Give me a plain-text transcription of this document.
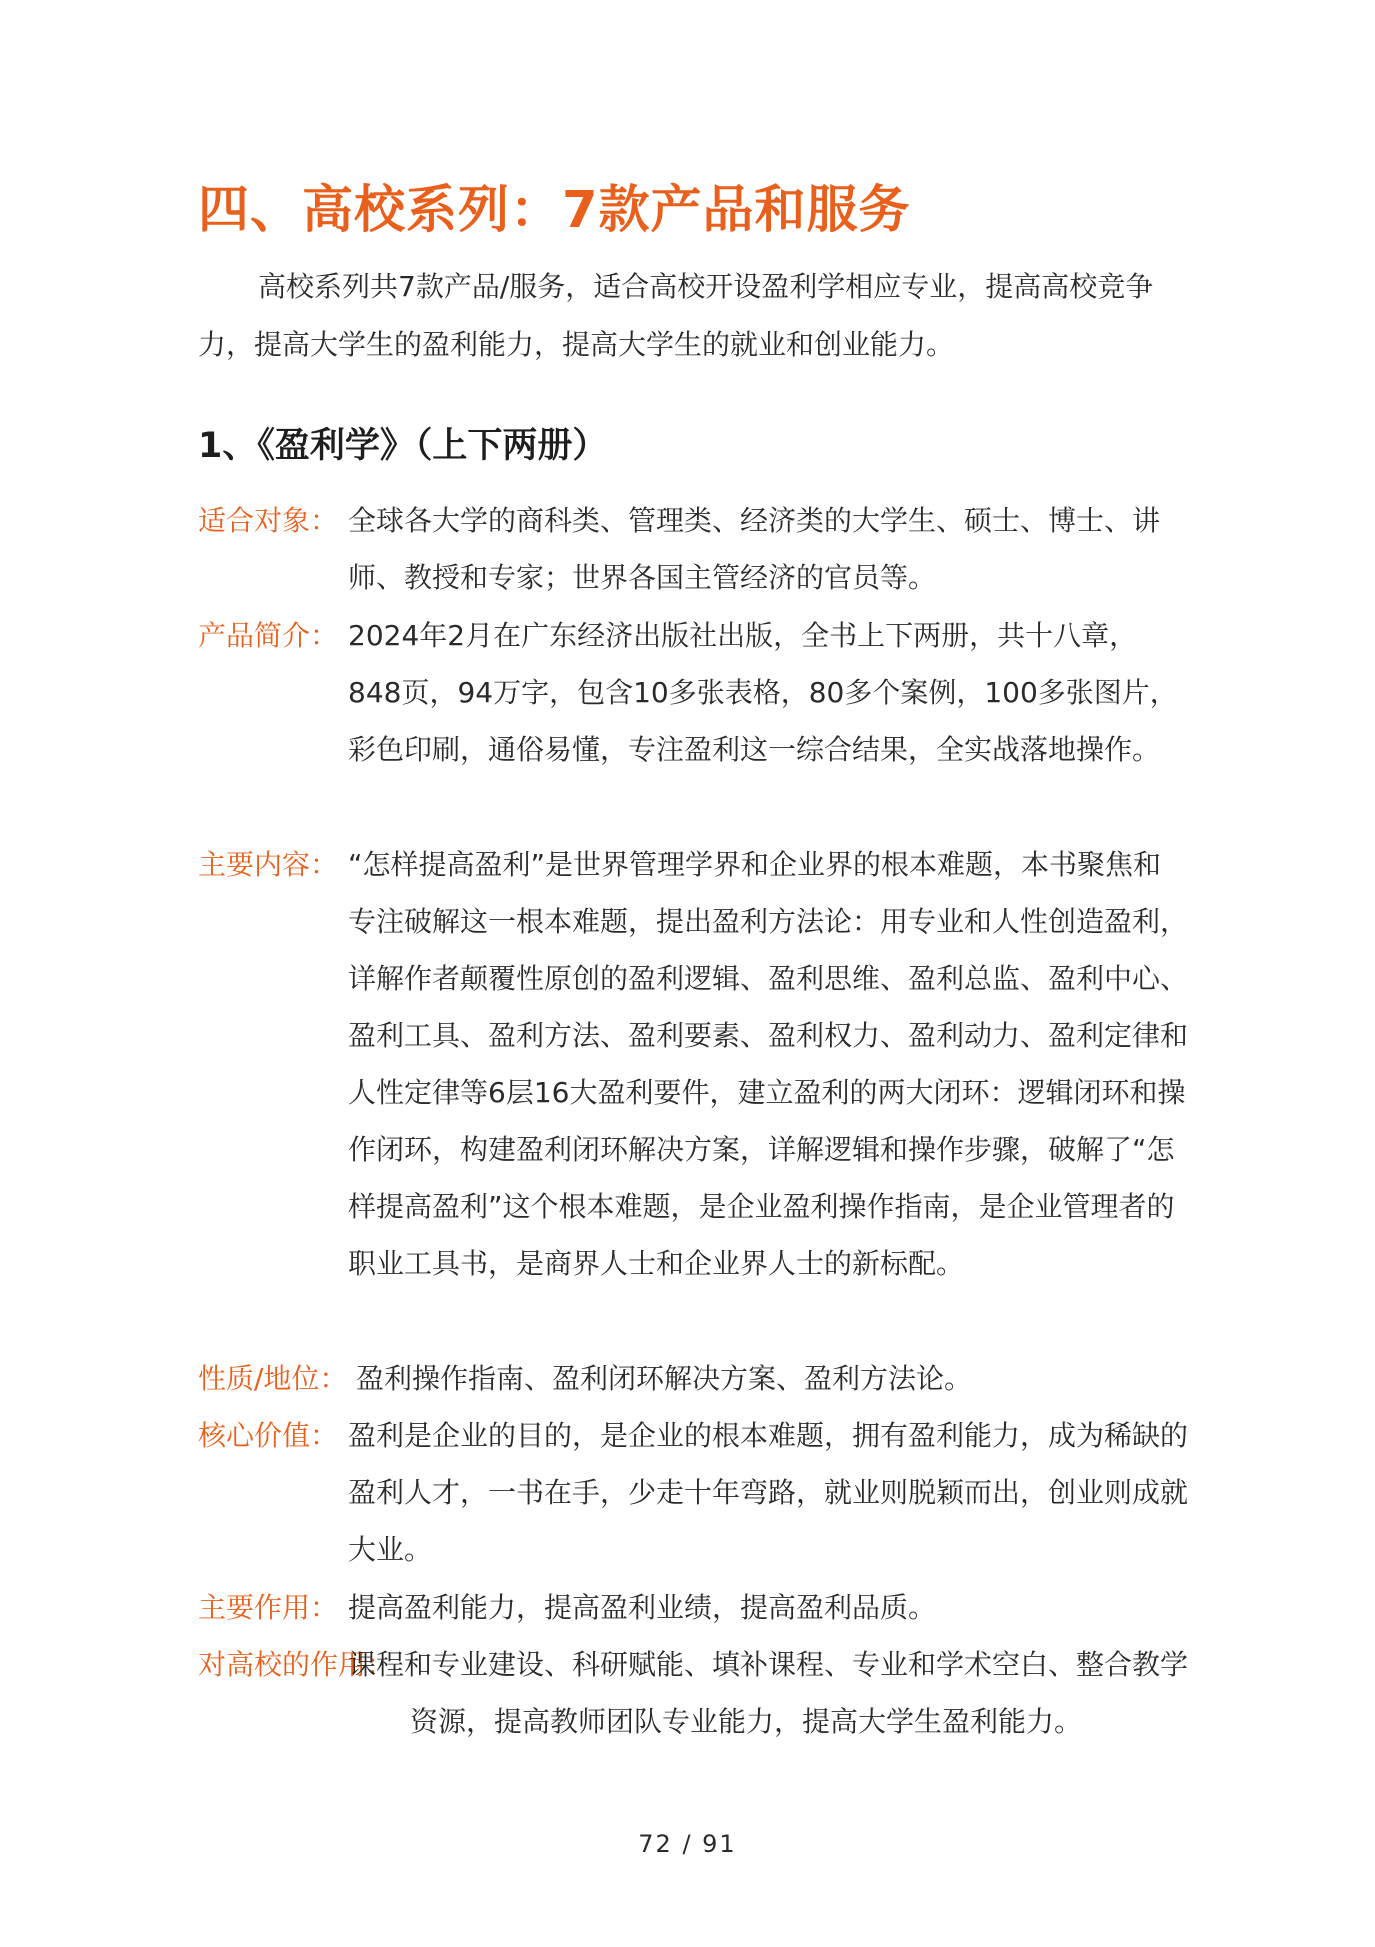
四、高校系列：7款产品和服务

高校系列共7款产品/服务，适合高校开设盈利学相应专业，提高高校竞争力，提高大学生的盈利能力，提高大学生的就业和创业能力。

1、《盈利学》（上下两册）
适合对象： 全球各大学的商科类、管理类、经济类的大学生、硕士、博士、讲师、教授和专家；世界各国主管经济的官员等。

产品简介： 2024年2月在广东经济出版社出版，全书上下两册，共十八章，848页，94万字，包含10多张表格，80多个案例，100多张图片，彩色印刷，通俗易懂，专注盈利这一综合结果，全实战落地操作。

主要内容： “怎样提高盈利”是世界管理学界和企业界的根本难题，本书聚焦和专注破解这一根本难题，提出盈利方法论：用专业和人性创造盈利，详解作者颠覆性原创的盈利逻辑、盈利思维、盈利总监、盈利中心、盈利工具、盈利方法、盈利要素、盈利权力、盈利动力、盈利定律和人性定律等6层16大盈利要件，建立盈利的两大闭环：逻辑闭环和操作闭环，构建盈利闭环解决方案，详解逻辑和操作步骤，破解了“怎样提高盈利”这个根本难题，是企业盈利操作指南，是企业管理者的职业工具书，是商界人士和企业界人士的新标配。

性质/地位： 盈利操作指南、盈利闭环解决方案、盈利方法论。

核心价值： 盈利是企业的目的，是企业的根本难题，拥有盈利能力，成为稀缺的盈利人才，一书在手，少走十年弯路，就业则脱颖而出，创业则成就大业。

主要作用： 提高盈利能力，提高盈利业绩，提高盈利品质。

对高校的作用：

课程和专业建设、科研赋能、填补课程、专业和学术空白、整合教学资源，提高教师团队专业能力，提高大学生盈利能力。

72 / 91
